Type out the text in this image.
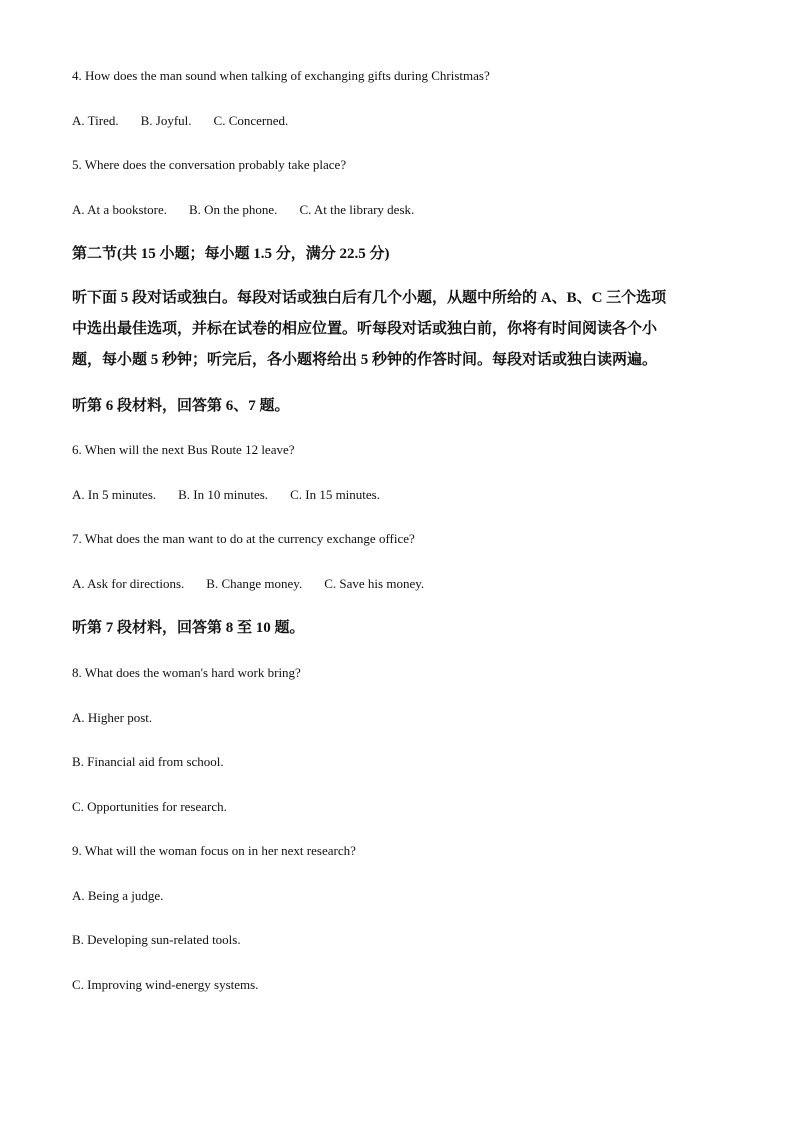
4. How does the man sound when talking of exchanging gifts during Christmas?
A. Tired. B. Joyful. C. Concerned.
5. Where does the conversation probably take place?
A. At a bookstore. B. On the phone. C. At the library desk.
第二节(共 15 小题；每小题 1.5 分，满分 22.5 分)
听下面 5 段对话或独白。每段对话或独白后有几个小题，从题中所给的 A、B、C 三个选项
中选出最佳选项，并标在试卷的相应位置。听每段对话或独白前，你将有时间阅读各个小
题，每小题 5 秒钟；听完后，各小题将给出 5 秒钟的作答时间。每段对话或独白读两遍。
听第 6 段材料，回答第 6、7 题。
6. When will the next Bus Route 12 leave?
A. In 5 minutes. B. In 10 minutes. C. In 15 minutes.
7. What does the man want to do at the currency exchange office?
A. Ask for directions. B. Change money. C. Save his money.
听第 7 段材料，回答第 8 至 10 题。
8. What does the woman's hard work bring?
A. Higher post.
B. Financial aid from school.
C. Opportunities for research.
9. What will the woman focus on in her next research?
A. Being a judge.
B. Developing sun-related tools.
C. Improving wind-energy systems.
